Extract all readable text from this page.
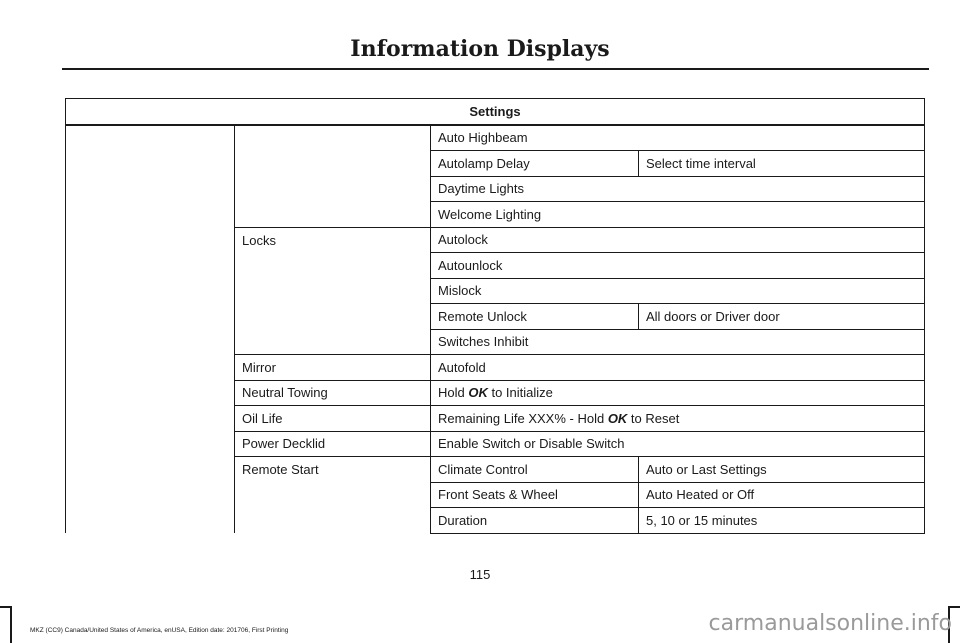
Information Displays
Settings			
		Auto Highbeam	
		Autolamp Delay	Select time interval
		Daytime Lights	
		Welcome Lighting	
	Locks	Autolock	
		Autounlock	
		Mislock	
		Remote Unlock	All doors or Driver door
		Switches Inhibit	
	Mirror	Autofold	
	Neutral Towing	Hold OK to Initialize	
	Oil Life	Remaining Life XXX% - Hold OK to Reset	
	Power Decklid	Enable Switch or Disable Switch	
	Remote Start	Climate Control	Auto or Last Settings
		Front Seats & Wheel	Auto Heated or Off
		Duration	5, 10 or 15 minutes
115
MKZ (CC9) Canada/United States of America, enUSA, Edition date: 201706, First Printing	carmanualsonline.info
